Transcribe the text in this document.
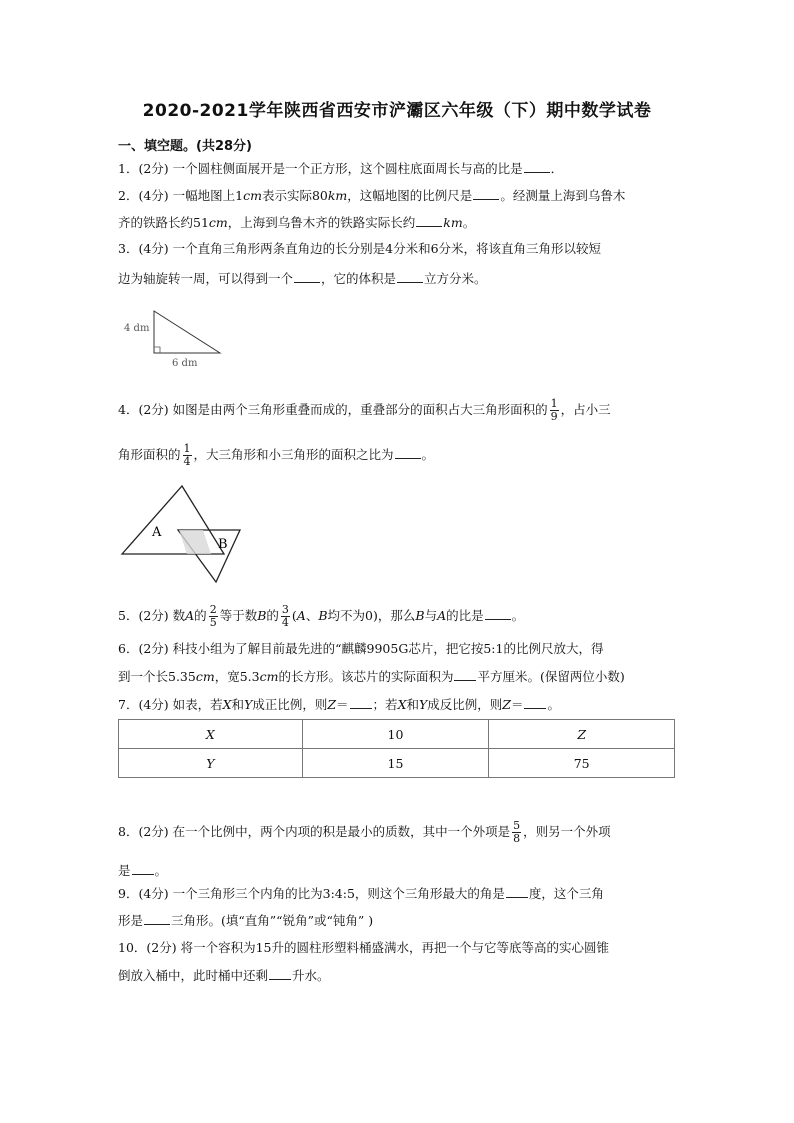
2020-2021学年陕西省西安市浐灞区六年级（下）期中数学试卷
一、填空题。(共28分)
1．(2分) 一个圆柱侧面展开是一个正方形，这个圆柱底面周长与高的比是 ．
2．(4分) 一幅地图上1cm表示实际80km，这幅地图的比例尺是 。经测量上海到乌鲁木
齐的铁路长约51cm，上海到乌鲁木齐的铁路实际长约 km。
3．(4分) 一个直角三角形两条直角边的长分别是4分米和6分米，将该直角三角形以较短
边为轴旋转一周，可以得到一个 ，它的体积是 立方分米。
4 dm
6 dm
4．(2分) 如图是由两个三角形重叠而成的，重叠部分的面积占大三角形面积的 $\frac{1}{9}$ ，占小三
角形面积的 $\frac{1}{4}$ ，大三角形和小三角形的面积之比为 。
A
B
5．(2分) 数A的 $\frac{2}{5}$ 等于数B的 $\frac{3}{4} (A$、B均不为0)，那么B与A的比是 。
6．(2分) 科技小组为了解目前最先进的“麒麟9905G芯片，把它按5:1的比例尺放大，得
到一个长5.35cm，宽5.3cm的长方形。该芯片的实际面积为 平方厘米。(保留两位小数)
7．(4分) 如表，若X和Y成正比例，则Z＝ ；若X和Y成反比例，则Z＝ 。
X	10	Z
Y	15	75
8．(2分) 在一个比例中，两个内项的积是最小的质数，其中一个外项是 $\frac{5}{8}$ ，则另一个外项
是 。
9．(4分) 一个三角形三个内角的比为3:4:5，则这个三角形最大的角是 度，这个三角
形是 三角形。(填“直角”“锐角”或“钝角” )
10．(2分) 将一个容积为15升的圆柱形塑料桶盛满水，再把一个与它等底等高的实心圆锥
倒放入桶中，此时桶中还剩 升水。
